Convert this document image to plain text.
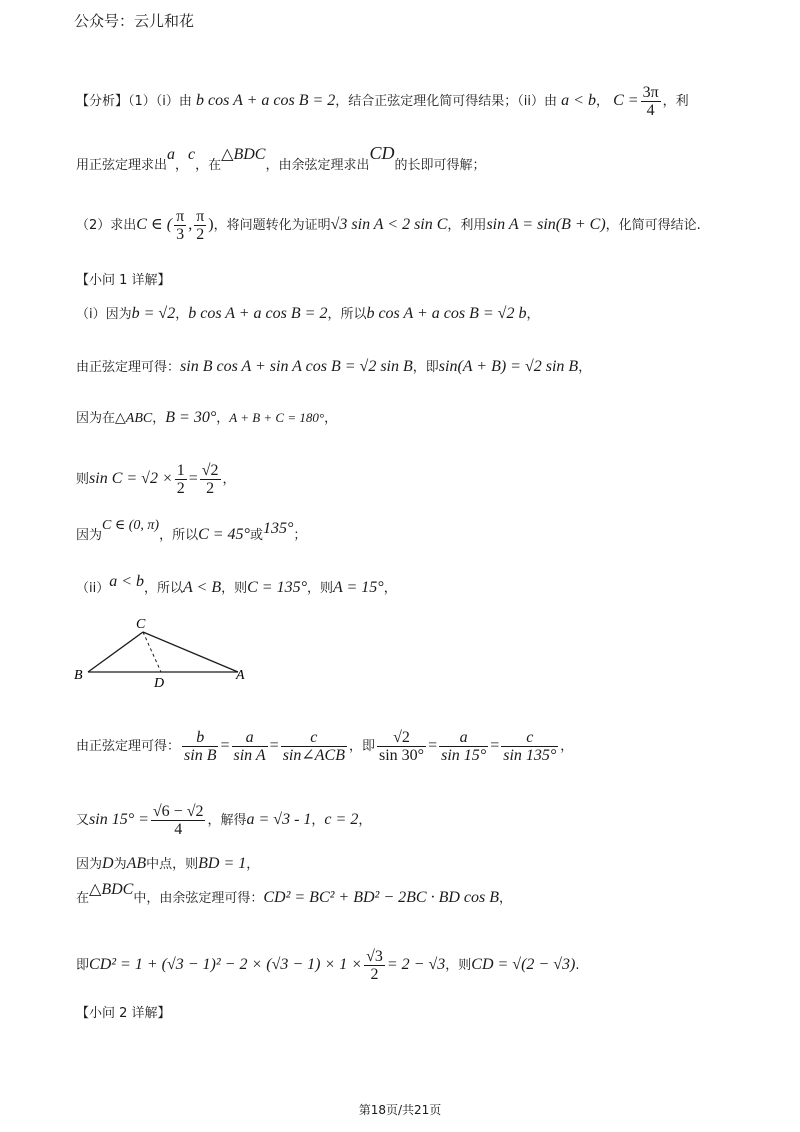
公众号：云儿和花
【分析】（1）（i）由 b cos A + a cos B = 2，结合正弦定理化简可得结果；（ii）由 a < b， $C = \frac{3\pi}{4}$ ，利
用正弦定理求出a，c，在△BDC，由余弦定理求出CD的长即可得解；
（2）求出C ∈ ( $\frac{\pi}{3}$ , $\frac{\pi}{2}$ )，将问题转化为证明√3 sin A < 2 sin C，利用sin A = sin(B + C)，化简可得结论.
【小问 1 详解】
（i）因为b = √2，b cos A + a cos B = 2，所以b cos A + a cos B = √2 b，
由正弦定理可得：sin B cos A + sin A cos B = √2 sin B，即sin(A + B) = √2 sin B，
因为在△ABC，B = 30°，A + B + C = 180°，
则$\sin C = √2 \times \frac{1}{2} = \frac{√2}{2}$ ，
因为C ∈ (0, π)，所以C = 45°或135°；
（ii）a < b，所以A < B，则C = 135°，则A = 15°，
C
B
D
A
由正弦定理可得： $\frac{b}{\text{sin B}} = \frac{a}{\text{sin A}} = \frac{c}{\text{sin∠ACB}}$ ，即 $\frac{√2}{\sin 30^\circ} = \frac{a}{\sin 15^\circ} = \frac{c}{\sin 135^\circ}$ ，
又$\sin 15^\circ = \frac{√6 - √2}{4}$ ，解得a = √3 - 1，c = 2，
因为D为AB中点，则BD = 1，
在△BDC中，由余弦定理可得：CD² = BC² + BD² − 2BC · BD cos B，
即$CD^2 = 1 + (√3 - 1)^2 - 2 \times (√3 - 1) \times 1 \times \frac{√3}{2} = 2 - √3$，则CD = √(2 − √3).
【小问 2 详解】
第18页/共21页
